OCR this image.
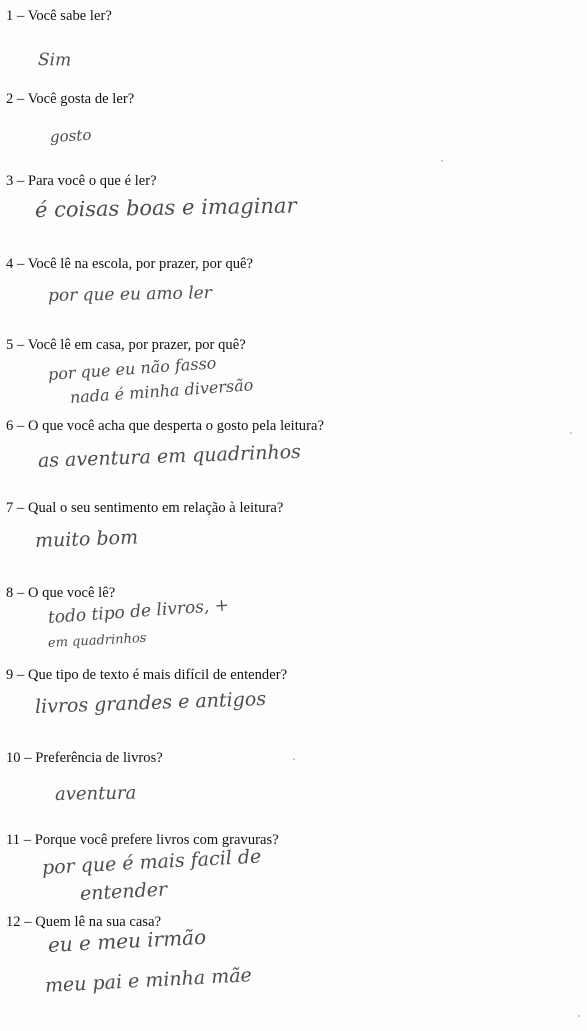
1 – Você sabe ler?
Sim
2 – Você gosta de ler?
gosto
3 – Para você o que é ler?
é coisas boas e imaginar
4 – Você lê na escola, por prazer, por quê?
por que eu amo ler
5 – Você lê em casa, por prazer, por quê?
por que eu não fasso
nada é minha diversão
6 – O que você acha que desperta o gosto pela leitura?
as aventura em quadrinhos
7 – Qual o seu sentimento em relação à leitura?
muito bom
8 – O que você lê?
todo tipo de livros, +
em quadrinhos
9 – Que tipo de texto é mais difícil de entender?
livros grandes e antigos
10 – Preferência de livros?
aventura
11 – Porque você prefere livros com gravuras?
por que é mais facil de
entender
12 – Quem lê na sua casa?
eu e meu irmão
meu pai e minha mãe
